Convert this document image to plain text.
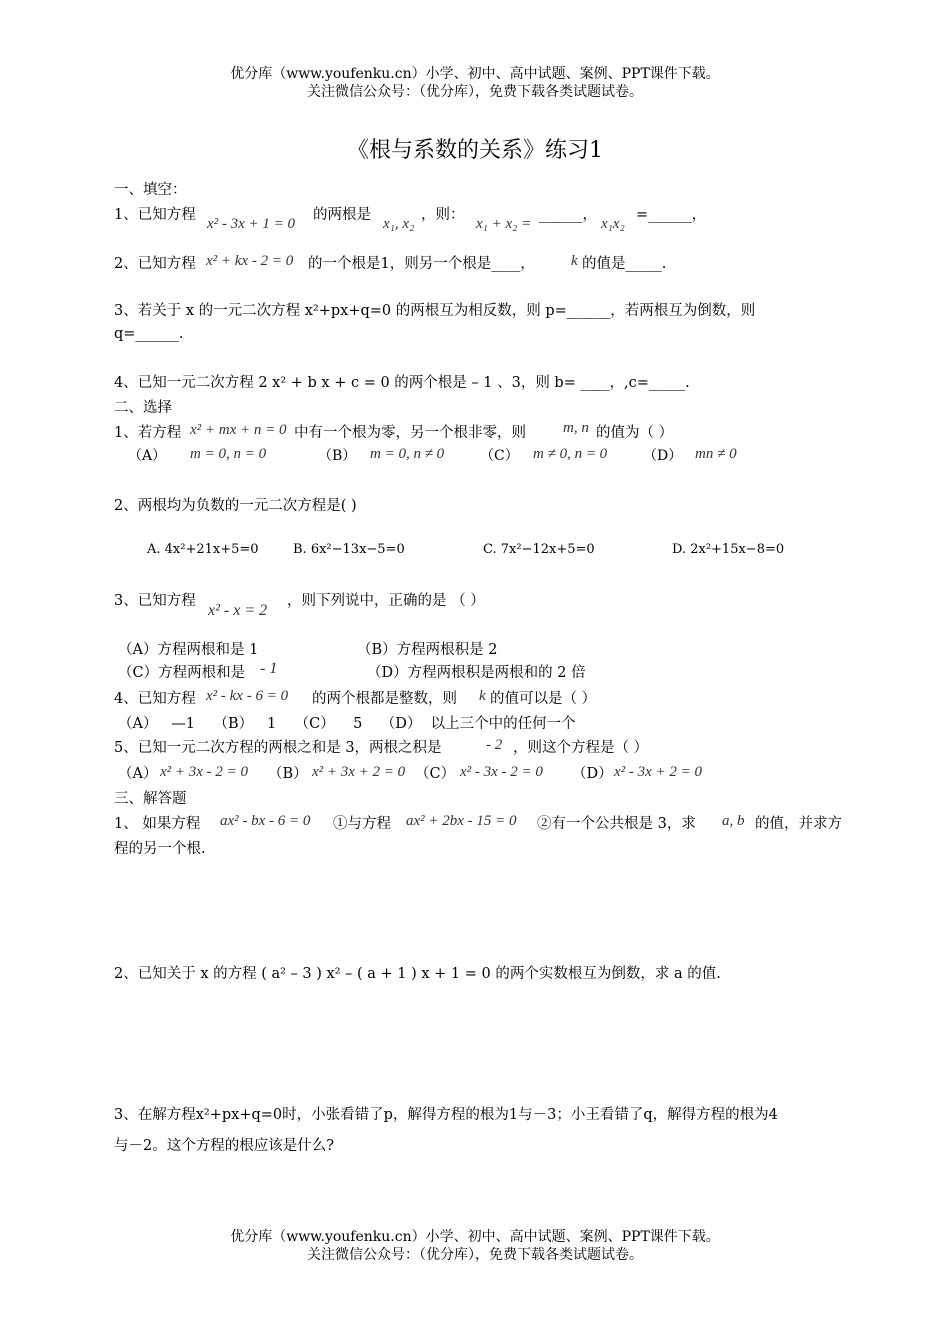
优分库（www.youfenku.cn）小学、初中、高中试题、案例、PPT课件下载。
关注微信公众号：（优分库），免费下载各类试题试卷。
《根与系数的关系》练习1
一、填空：
1、已知方程
x² - 3x + 1 = 0
的两根是
x₁, x₂
，则：
x₁ + x₂ =
______，
x₁x₂
=______，
2、已知方程 x² + kx - 2 = 0 的一个根是1，则另一个根是____， k 的值是_____.
3、若关于 x 的一元二次方程 x²+px+q=0 的两根互为相反数，则 p=______，若两根互为倒数，则
q=______.
4、已知一元二次方程 2 x² + b x + c = 0 的两个根是 – 1 、3，则 b= ____，,c=_____.
二、选择
1、若方程 x² + mx + n = 0 中有一个根为零，另一个根非零，则 m, n 的值为（ ）
（A） m = 0, n = 0	（B） m = 0, n ≠ 0	（C） m ≠ 0, n = 0	（D） mn ≠ 0
2、两根均为负数的一元二次方程是( )
A. 4x²+21x+5=0	B. 6x²−13x−5=0	C. 7x²−12x+5=0	D. 2x²+15x−8=0
3、已知方程
x² - x = 2
，则下列说中，正确的是 （ ）
（A）方程两根和是 1	（B）方程两根积是 2
（C）方程两根和是 - 1	（D）方程两根积是两根和的 2 倍
4、已知方程 x² - kx - 6 = 0 的两个根都是整数，则 k 的值可以是（ ）
（A）   —1    （B）   1    （C）    5    （D）  以上三个中的任何一个
5、已知一元二次方程的两根之和是 3，两根之积是	- 2 ，则这个方程是（ ）
（A） x² + 3x - 2 = 0 （B） x² + 3x + 2 = 0 （C） x² - 3x - 2 = 0 （D） x² - 3x + 2 = 0
三、解答题
1、 如果方程 ax² - bx - 6 = 0 ①与方程 ax² + 2bx - 15 = 0 ②有一个公共根是 3，求 a, b 的值，并求方
程的另一个根.
2、已知关于 x 的方程 ( a² – 3 ) x² – ( a + 1 ) x + 1 = 0 的两个实数根互为倒数，求 a 的值.
3、在解方程x²+px+q=0时，小张看错了p，解得方程的根为1与－3；小王看错了q，解得方程的根为4
与－2。这个方程的根应该是什么?
优分库（www.youfenku.cn）小学、初中、高中试题、案例、PPT课件下载。
关注微信公众号：（优分库），免费下载各类试题试卷。
